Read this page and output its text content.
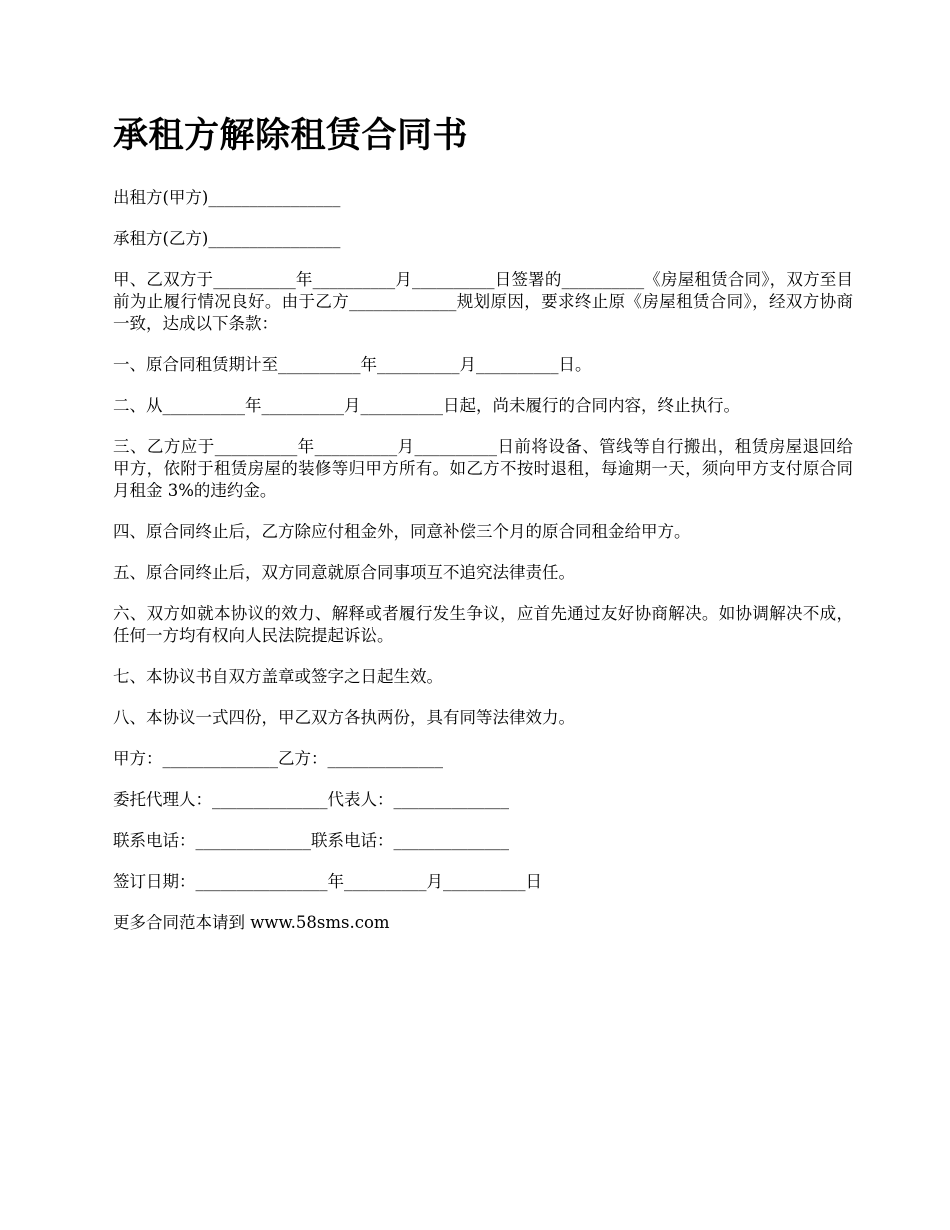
承租方解除租赁合同书

出租方(甲方)________________

承租方(乙方)________________

甲、乙双方于__________年__________月__________日签署的__________《房屋租赁合同》，双方至目前为止履行情况良好。由于乙方_____________规划原因，要求终止原《房屋租赁合同》，经双方协商一致，达成以下条款：

一、原合同租赁期计至__________年__________月__________日。

二、从__________年__________月__________日起，尚未履行的合同内容，终止执行。

三、乙方应于__________年__________月__________日前将设备、管线等自行搬出，租赁房屋退回给甲方，依附于租赁房屋的装修等归甲方所有。如乙方不按时退租，每逾期一天，须向甲方支付原合同月租金 3%的违约金。

四、原合同终止后，乙方除应付租金外，同意补偿三个月的原合同租金给甲方。

五、原合同终止后，双方同意就原合同事项互不追究法律责任。

六、双方如就本协议的效力、解释或者履行发生争议，应首先通过友好协商解决。如协调解决不成，任何一方均有权向人民法院提起诉讼。

七、本协议书自双方盖章或签字之日起生效。

八、本协议一式四份，甲乙双方各执两份，具有同等法律效力。

甲方：______________乙方：______________

委托代理人：______________代表人：______________

联系电话：______________联系电话：______________

签订日期：________________年__________月__________日

更多合同范本请到 www.58sms.com
